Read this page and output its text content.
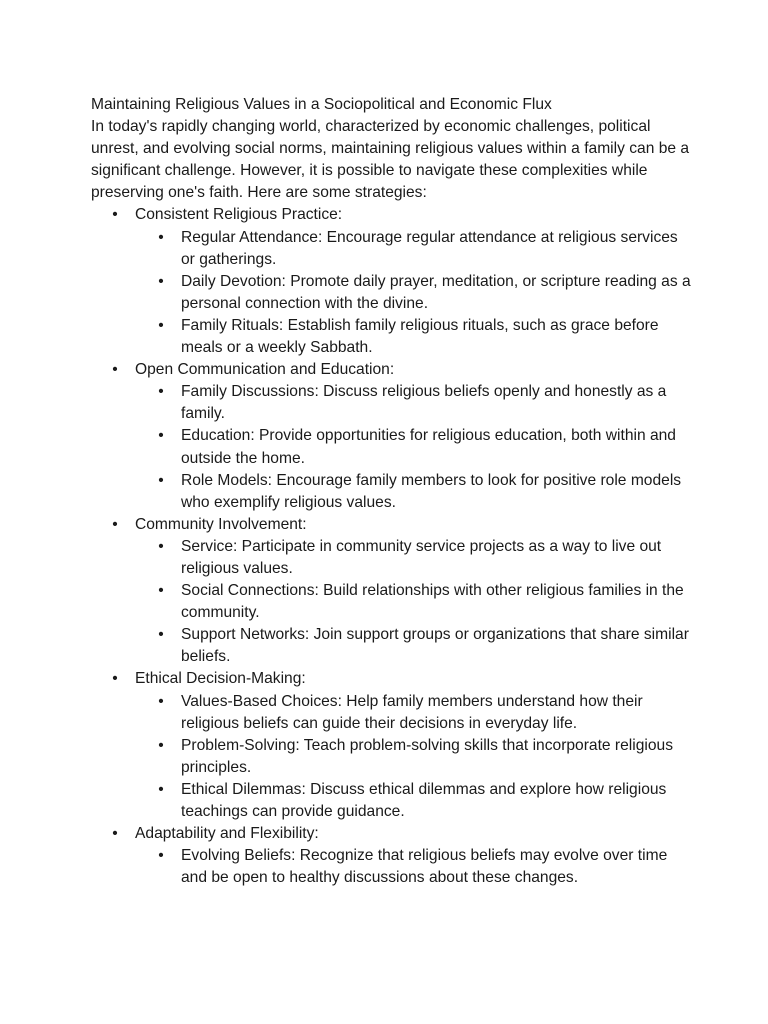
Maintaining Religious Values in a Sociopolitical and Economic Flux

In today's rapidly changing world, characterized by economic challenges, political unrest, and evolving social norms, maintaining religious values within a family can be a significant challenge. However, it is possible to navigate these complexities while preserving one's faith. Here are some strategies:

• Consistent Religious Practice:
• Regular Attendance: Encourage regular attendance at religious services or gatherings.
• Daily Devotion: Promote daily prayer, meditation, or scripture reading as a personal connection with the divine.
• Family Rituals: Establish family religious rituals, such as grace before meals or a weekly Sabbath.
• Open Communication and Education:
• Family Discussions: Discuss religious beliefs openly and honestly as a family.
• Education: Provide opportunities for religious education, both within and outside the home.
• Role Models: Encourage family members to look for positive role models who exemplify religious values.
• Community Involvement:
• Service: Participate in community service projects as a way to live out religious values.
• Social Connections: Build relationships with other religious families in the community.
• Support Networks: Join support groups or organizations that share similar beliefs.
• Ethical Decision-Making:
• Values-Based Choices: Help family members understand how their religious beliefs can guide their decisions in everyday life.
• Problem-Solving: Teach problem-solving skills that incorporate religious principles.
• Ethical Dilemmas: Discuss ethical dilemmas and explore how religious teachings can provide guidance.
• Adaptability and Flexibility:
• Evolving Beliefs: Recognize that religious beliefs may evolve over time and be open to healthy discussions about these changes.
